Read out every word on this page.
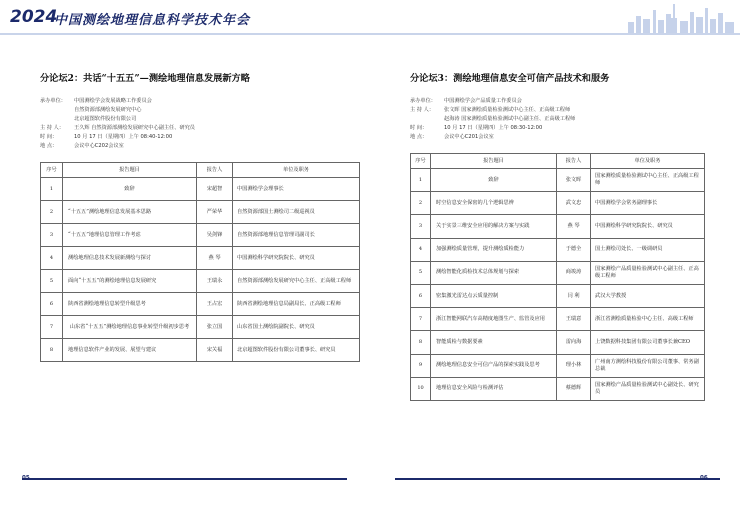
2024
中国测绘地理信息科学技术年会
分论坛2：共话“十五五”—测绘地理信息发展新方略
承办单位：	中国测绘学会发展战略工作委员会
自然资源部测绘发展研究中心
北京超图软件股份有限公司
主 持 人：	王久辉 自然资源部测绘发展研究中心副主任、研究员
时 间：	10 月 17 日（星期四）上午 08:40-12:00
地 点：	会议中心C202会议室
序号	报告题目	报告人	单位及职务
1	致辞	宋超智	中国测绘学会理事长
2	“十五五”测绘地理信息发展基本思路	严荣华	自然资源部国土测绘司二级巡视员
3	“十五五”地理信息管理工作考虑	吴剑锋	自然资源部地理信息管理司副司长
4	测绘地理信息技术发展新测绘与探讨	燕 琴	中国测绘科学研究院院长、研究员
5	面向“十五五”的测绘地理信息发展研究	王瑞永	自然资源部测绘发展研究中心主任、正高级工程师
6	陕西省测绘地理信息转型升级思考	王占宏	陕西省测绘地理信息局副局长、正高级工程师
7	山东省“十五五”测绘地理信息事业转型升级初步思考	张立国	山东省国土测绘院副院长、研究员
8	地理信息软件产业的发展、展望与建议	宋关福	北京超图软件股份有限公司董事长、研究员
分论坛3：测绘地理信息安全可信产品技术和服务
承办单位：	中国测绘学会产品质量工作委员会
主 持 人：	张文晖 国家测绘质量检验测试中心主任、正高级工程师
赵海涛 国家测绘质量检验测试中心副主任、正高级工程师
时 间：	10 月 17 日（星期四）上午 08:30-12:00
地 点：	会议中心C201会议室
序号	报告题目	报告人	单位及职务
1	致辞	张文晖	国家测绘质量检验测试中心主任、正高级工程师
2	时空信息安全保密的几个逻辑思辨	武文忠	中国测绘学会常务副理事长
3	关于实景三维安全应用的解决方案与实践	燕 琴	中国测绘科学研究院院长、研究员
4	加强测绘质量管理，提升测绘质检能力	于德全	国土测绘司处长、一级调研员
5	测绘智能化质检技术总体规划与探索	商竣涛	国家测绘产品质量检验测试中心副主任、正高级工程师
6	密集激光雷达点云质量控制	闫 利	武汉大学教授
7	浙江智能网联汽车高精度地图生产、监管及应用	王瑞意	浙江省测绘质量检验中心主任、高级工程师
8	智能质检与数据要素	雷向海	上饶数据科技集团有限公司董事长兼CEO
9	测绘地理信息安全可信产品的探索实践及思考	理小林	广州南方测绘科技股份有限公司董事、常务副总裁
10	地理信息安全风险与检测评估	蔡德辉	国家测绘产品质量检验测试中心副处长、研究员
05	06
